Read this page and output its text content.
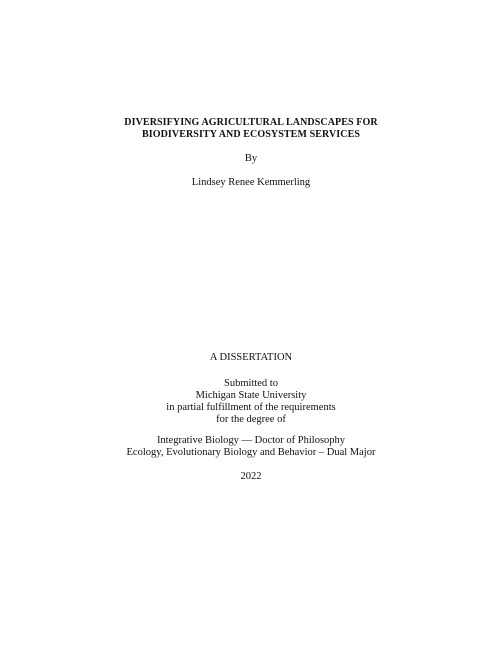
DIVERSIFYING AGRICULTURAL LANDSCAPES FOR
BIODIVERSITY AND ECOSYSTEM SERVICES
By
Lindsey Renee Kemmerling
A DISSERTATION
Submitted to
Michigan State University
in partial fulfillment of the requirements
for the degree of
Integrative Biology — Doctor of Philosophy
Ecology, Evolutionary Biology and Behavior – Dual Major
2022
